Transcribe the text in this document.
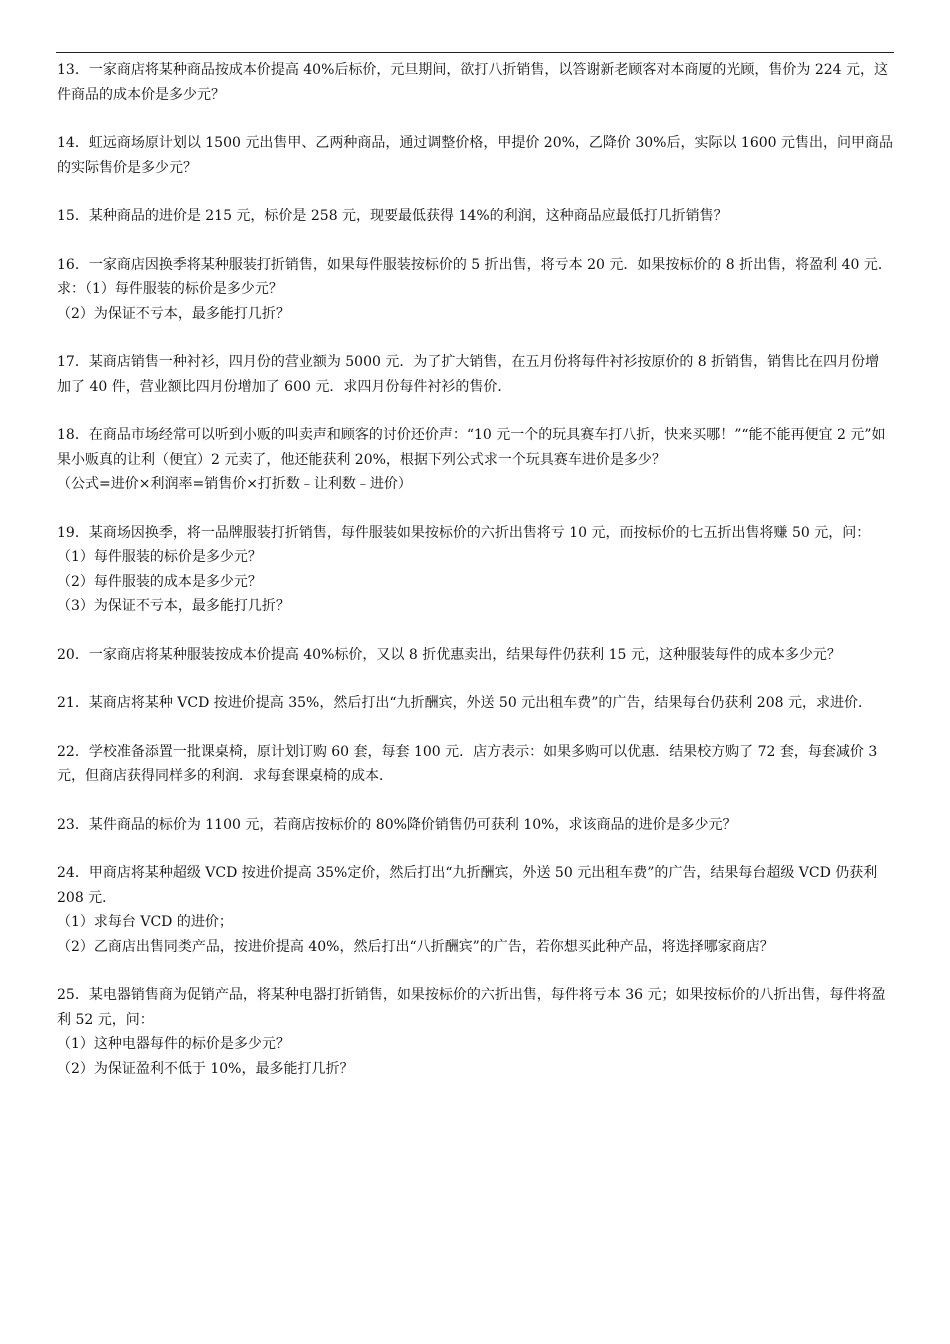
13．一家商店将某种商品按成本价提高 40%后标价，元旦期间，欲打八折销售，以答谢新老顾客对本商厦的光顾，售价为 224 元，这件商品的成本价是多少元？

14．虹远商场原计划以 1500 元出售甲、乙两种商品，通过调整价格，甲提价 20%，乙降价 30%后，实际以 1600 元售出，问甲商品的实际售价是多少元？

15．某种商品的进价是 215 元，标价是 258 元，现要最低获得 14%的利润，这种商品应最低打几折销售？

16．一家商店因换季将某种服装打折销售，如果每件服装按标价的 5 折出售，将亏本 20 元．如果按标价的 8 折出售，将盈利 40 元．

求：（1）每件服装的标价是多少元？

（2）为保证不亏本，最多能打几折？

17．某商店销售一种衬衫，四月份的营业额为 5000 元．为了扩大销售，在五月份将每件衬衫按原价的 8 折销售，销售比在四月份增加了 40 件，营业额比四月份增加了 600 元．求四月份每件衬衫的售价．

18．在商品市场经常可以听到小贩的叫卖声和顾客的讨价还价声：“10 元一个的玩具赛车打八折，快来买哪！”“能不能再便宜 2 元”如果小贩真的让利（便宜）2 元卖了，他还能获利 20%，根据下列公式求一个玩具赛车进价是多少？

（公式=进价×利润率=销售价×打折数﹣让利数﹣进价）

19．某商场因换季，将一品牌服装打折销售，每件服装如果按标价的六折出售将亏 10 元，而按标价的七五折出售将赚 50 元，问：

（1）每件服装的标价是多少元？

（2）每件服装的成本是多少元？

（3）为保证不亏本，最多能打几折？

20．一家商店将某种服装按成本价提高 40%标价，又以 8 折优惠卖出，结果每件仍获利 15 元，这种服装每件的成本多少元？

21．某商店将某种 VCD 按进价提高 35%，然后打出“九折酬宾，外送 50 元出租车费”的广告，结果每台仍获利 208 元，求进价．

22．学校准备添置一批课桌椅，原计划订购 60 套，每套 100 元．店方表示：如果多购可以优惠．结果校方购了 72 套，每套减价 3 元，但商店获得同样多的利润．求每套课桌椅的成本．

23．某件商品的标价为 1100 元，若商店按标价的 80%降价销售仍可获利 10%，求该商品的进价是多少元？

24．甲商店将某种超级 VCD 按进价提高 35%定价，然后打出“九折酬宾，外送 50 元出租车费”的广告，结果每台超级 VCD 仍获利 208 元．

（1）求每台 VCD 的进价；

（2）乙商店出售同类产品，按进价提高 40%，然后打出“八折酬宾”的广告，若你想买此种产品，将选择哪家商店？

25．某电器销售商为促销产品，将某种电器打折销售，如果按标价的六折出售，每件将亏本 36 元；如果按标价的八折出售，每件将盈利 52 元，问：

（1）这种电器每件的标价是多少元？

（2）为保证盈利不低于 10%，最多能打几折？
